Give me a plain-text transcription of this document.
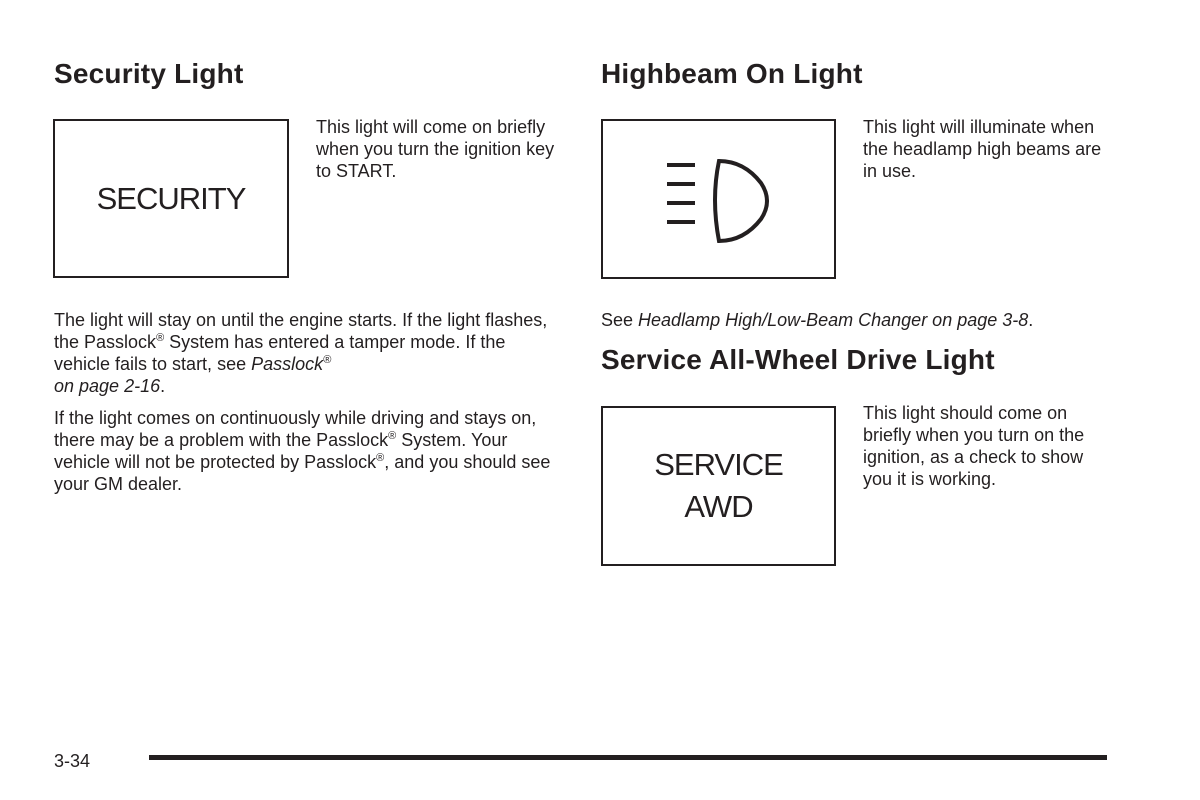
Security Light
SECURITY
This light will come on briefly when you turn the ignition key to START.

The light will stay on until the engine starts. If the light flashes, the Passlock® System has entered a tamper mode. If the vehicle fails to start, see Passlock®
on page 2-16.

If the light comes on continuously while driving and stays on, there may be a problem with the Passlock® System. Your vehicle will not be protected by Passlock®, and you should see your GM dealer.

Highbeam On Light
This light will illuminate when the headlamp high beams are in use.
See Headlamp High/Low-Beam Changer on page 3-8.
Service All-Wheel Drive Light
SERVICE
AWD
This light should come on briefly when you turn on the ignition, as a check to show you it is working.
3-34
